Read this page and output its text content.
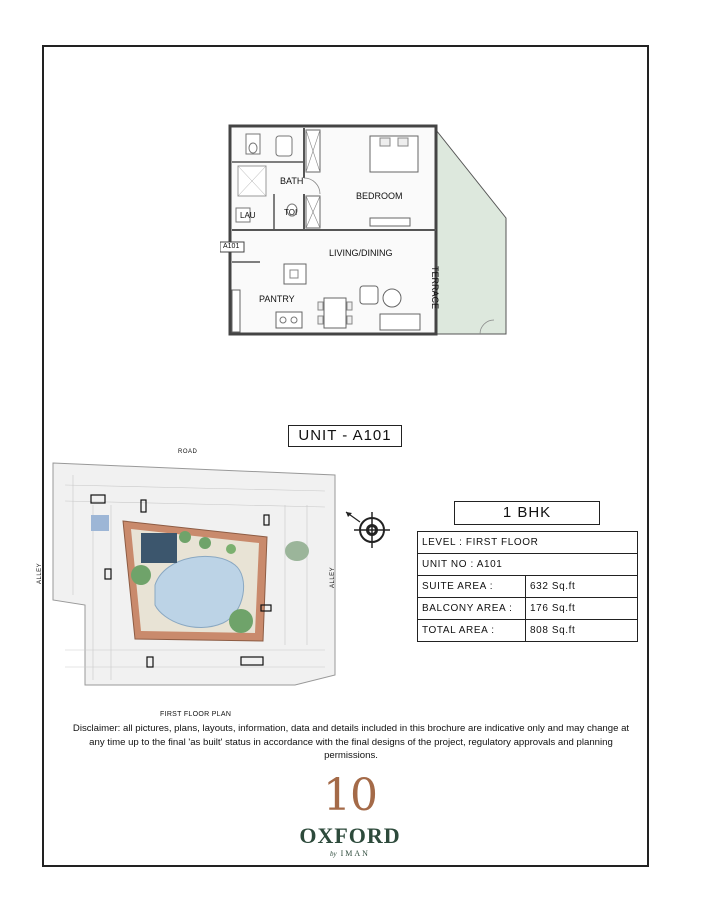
BATH
BEDROOM
LAU	TOI
LIVING/DINING
PANTRY	TERRACE
A101
UNIT - A101
ROAD
ALLEY	ALLEY
FIRST FLOOR PLAN
1 BHK
LEVEL : FIRST FLOOR	
UNIT NO : A101	
SUITE AREA :	632 Sq.ft
BALCONY AREA :	176 Sq.ft
TOTAL AREA :	808 Sq.ft
Disclaimer: all pictures, plans, layouts, information, data and details included in this brochure are indicative only and may change at any time up to the final 'as built' status in accordance with the final designs of the project, regulatory approvals and planning permissions.
10
OXFORD
by IMAN
